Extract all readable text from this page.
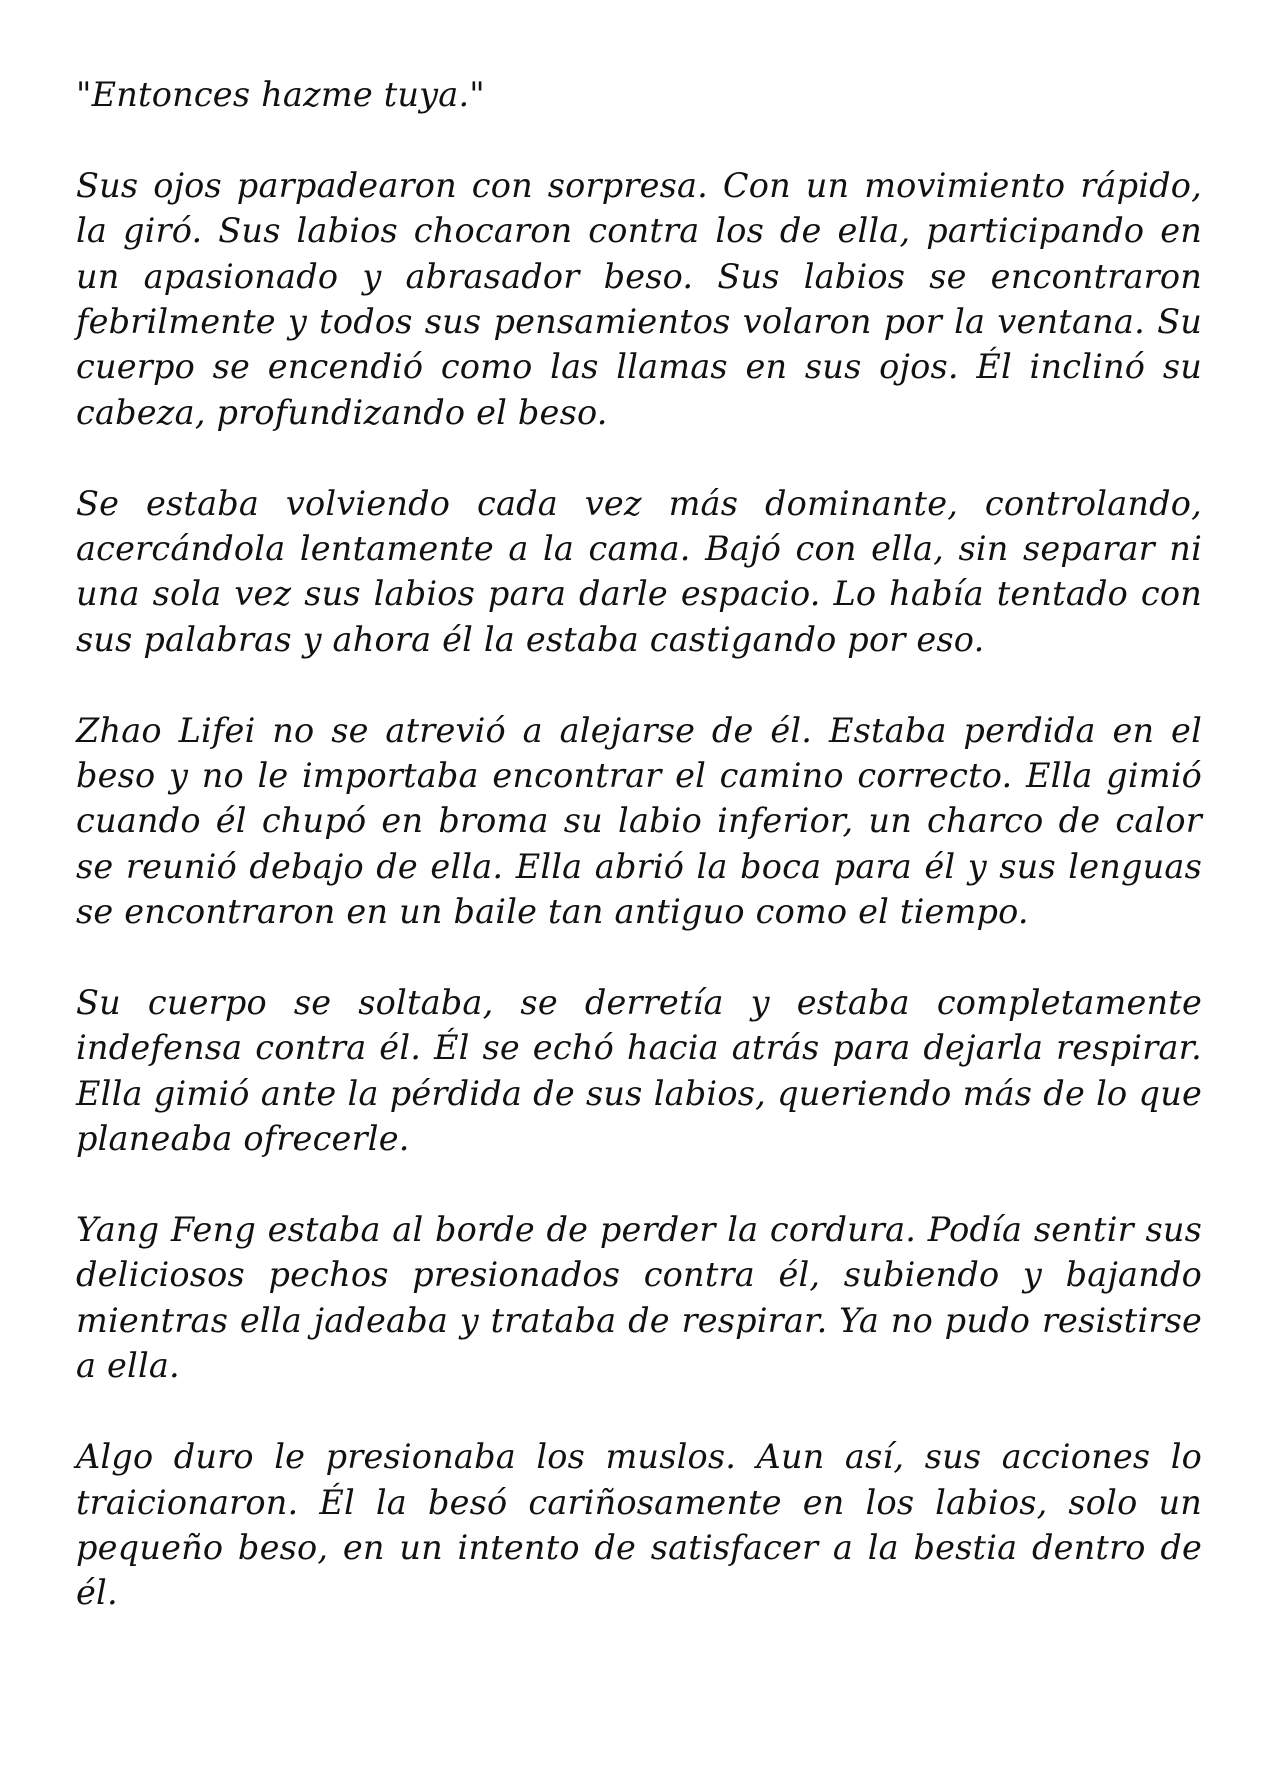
"Entonces hazme tuya."

Sus ojos parpadearon con sorpresa. Con un movimiento rápido, la giró. Sus labios chocaron contra los de ella, participando en un apasionado y abrasador beso. Sus labios se encontraron febrilmente y todos sus pensamientos volaron por la ventana. Su cuerpo se encendió como las llamas en sus ojos. Él inclinó su cabeza, profundizando el beso.

Se estaba volviendo cada vez más dominante, controlando, acercándola lentamente a la cama. Bajó con ella, sin separar ni una sola vez sus labios para darle espacio. Lo había tentado con sus palabras y ahora él la estaba castigando por eso.

Zhao Lifei no se atrevió a alejarse de él. Estaba perdida en el beso y no le importaba encontrar el camino correcto. Ella gimió cuando él chupó en broma su labio inferior, un charco de calor se reunió debajo de ella. Ella abrió la boca para él y sus lenguas se encontraron en un baile tan antiguo como el tiempo.

Su cuerpo se soltaba, se derretía y estaba completamente indefensa contra él. Él se echó hacia atrás para dejarla respirar. Ella gimió ante la pérdida de sus labios, queriendo más de lo que planeaba ofrecerle.

Yang Feng estaba al borde de perder la cordura. Podía sentir sus deliciosos pechos presionados contra él, subiendo y bajando mientras ella jadeaba y trataba de respirar. Ya no pudo resistirse a ella.

Algo duro le presionaba los muslos. Aun así, sus acciones lo traicionaron. Él la besó cariñosamente en los labios, solo un pequeño beso, en un intento de satisfacer a la bestia dentro de él.
